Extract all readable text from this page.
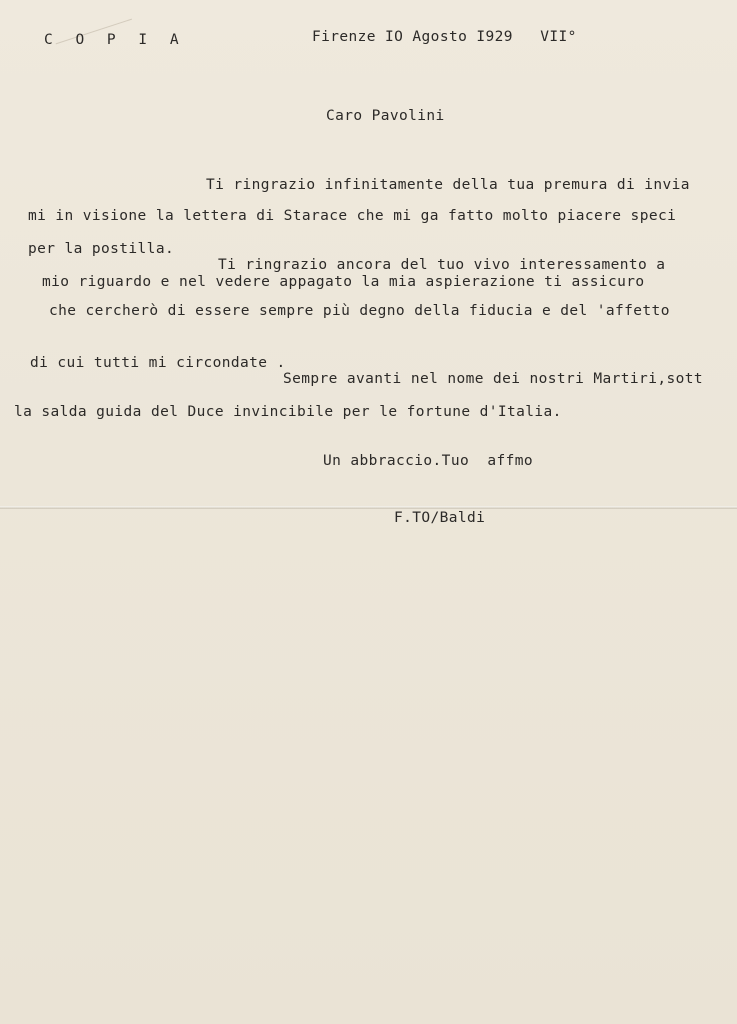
C O P I A	Firenze IO Agosto I929   VII°
Caro Pavolini
Ti ringrazio infinitamente della tua premura di invia
mi in visione la lettera di Starace che mi ga fatto molto piacere speci
per la postilla.
Ti ringrazio ancora del tuo vivo interessamento a
mio riguardo e nel vedere appagato la mia aspierazione ti assicuro
che cercherò di essere sempre più degno della fiducia e del 'affetto
di cui tutti mi circondate .
Sempre avanti nel nome dei nostri Martiri,sott
la salda guida del Duce invincibile per le fortune d'Italia.
Un abbraccio.Tuo  affmo
F.TO/Baldi
